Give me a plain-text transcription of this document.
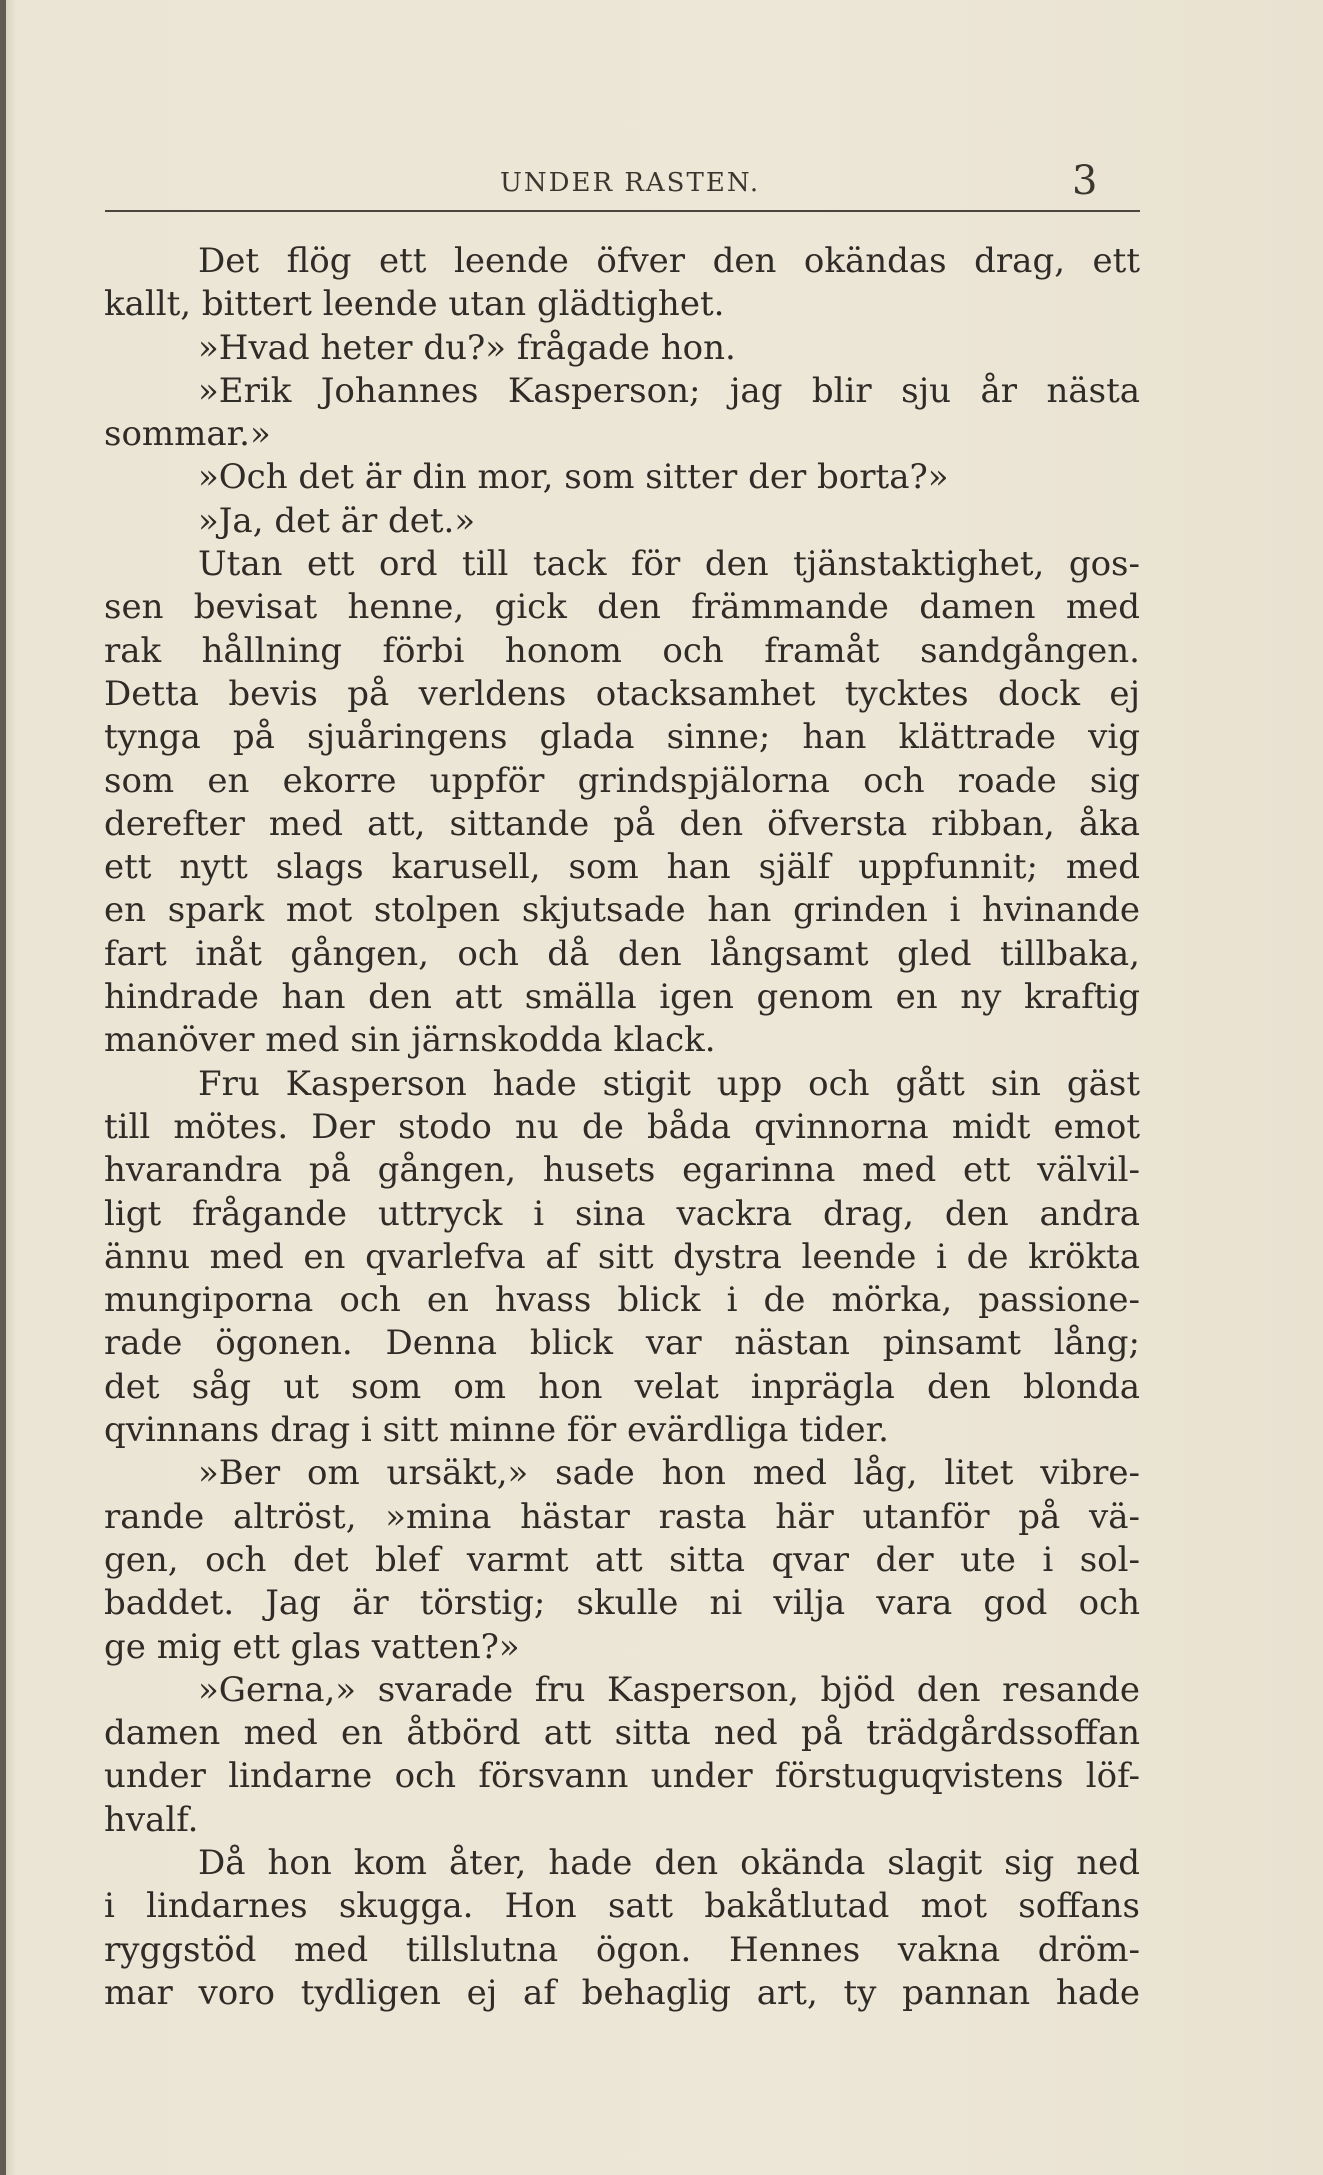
UNDER RASTEN.	3
Det flög ett leende öfver den okändas drag, ett
kallt, bittert leende utan glädtighet.
»Hvad heter du?» frågade hon.
»Erik Johannes Kasperson; jag blir sju år nästa
sommar.»
»Och det är din mor, som sitter der borta?»
»Ja, det är det.»
Utan ett ord till tack för den tjänstaktighet, gos-
sen bevisat henne, gick den främmande damen med
rak hållning förbi honom och framåt sandgången.
Detta bevis på verldens otacksamhet tycktes dock ej
tynga på sjuåringens glada sinne; han klättrade vig
som en ekorre uppför grindspjälorna och roade sig
derefter med att, sittande på den öfversta ribban, åka
ett nytt slags karusell, som han själf uppfunnit; med
en spark mot stolpen skjutsade han grinden i hvinande
fart inåt gången, och då den långsamt gled tillbaka,
hindrade han den att smälla igen genom en ny kraftig
manöver med sin järnskodda klack.
Fru Kasperson hade stigit upp och gått sin gäst
till mötes. Der stodo nu de båda qvinnorna midt emot
hvarandra på gången, husets egarinna med ett välvil-
ligt frågande uttryck i sina vackra drag, den andra
ännu med en qvarlefva af sitt dystra leende i de krökta
mungiporna och en hvass blick i de mörka, passione-
rade ögonen. Denna blick var nästan pinsamt lång;
det såg ut som om hon velat inprägla den blonda
qvinnans drag i sitt minne för evärdliga tider.
»Ber om ursäkt,» sade hon med låg, litet vibre-
rande altröst, »mina hästar rasta här utanför på vä-
gen, och det blef varmt att sitta qvar der ute i sol-
baddet. Jag är törstig; skulle ni vilja vara god och
ge mig ett glas vatten?»
»Gerna,» svarade fru Kasperson, bjöd den resande
damen med en åtbörd att sitta ned på trädgårdssoffan
under lindarne och försvann under förstuguqvistens löf-
hvalf.
Då hon kom åter, hade den okända slagit sig ned
i lindarnes skugga. Hon satt bakåtlutad mot soffans
ryggstöd med tillslutna ögon. Hennes vakna dröm-
mar voro tydligen ej af behaglig art, ty pannan hade
